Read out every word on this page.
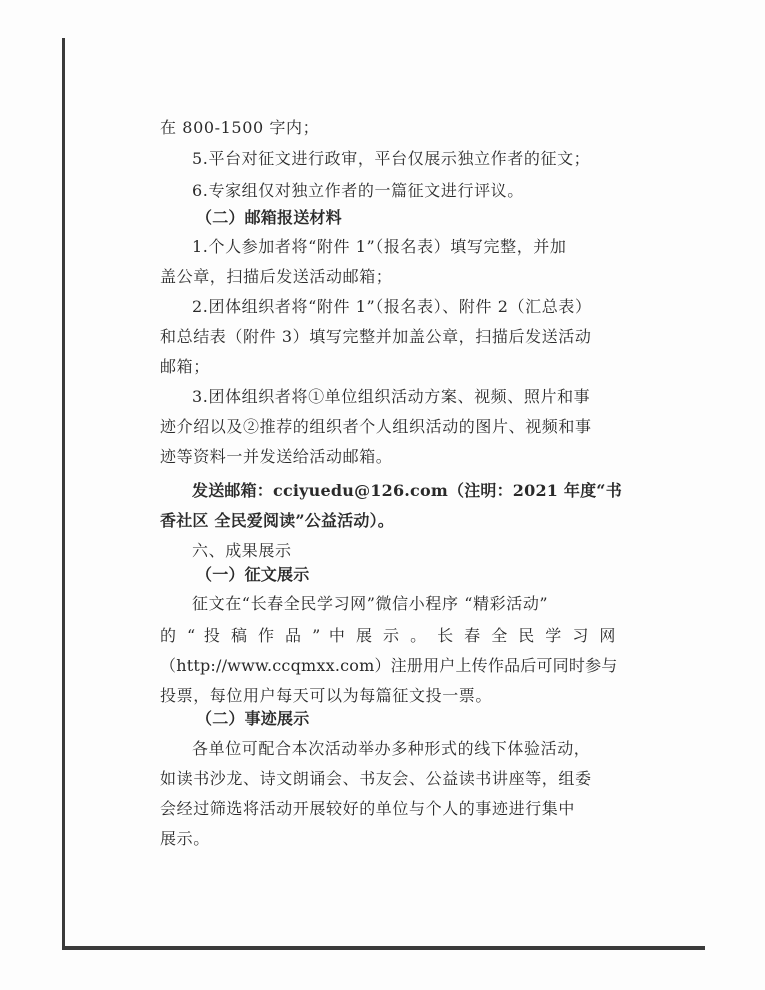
在 800-1500 字内；
5.平台对征文进行政审，平台仅展示独立作者的征文；
6.专家组仅对独立作者的一篇征文进行评议。
（二）邮箱报送材料
1.个人参加者将“附件 1”（报名表）填写完整，并加
盖公章，扫描后发送活动邮箱；
2.团体组织者将“附件 1”（报名表）、附件 2（汇总表）
和总结表（附件 3）填写完整并加盖公章，扫描后发送活动
邮箱；
3.团体组织者将①单位组织活动方案、视频、照片和事
迹介绍以及②推荐的组织者个人组织活动的图片、视频和事
迹等资料一并发送给活动邮箱。
发送邮箱：cciyuedu@126.com（注明：2021 年度“书
香社区 全民爱阅读”公益活动）。
六、成果展示
（一）征文展示
征文在“长春全民学习网”微信小程序 “精彩活动”
的 “ 投 稿 作 品 ” 中 展 示 。 长 春 全 民 学 习 网
（http://www.ccqmxx.com）注册用户上传作品后可同时参与
投票，每位用户每天可以为每篇征文投一票。
（二）事迹展示
各单位可配合本次活动举办多种形式的线下体验活动，
如读书沙龙、诗文朗诵会、书友会、公益读书讲座等，组委
会经过筛选将活动开展较好的单位与个人的事迹进行集中
展示。
